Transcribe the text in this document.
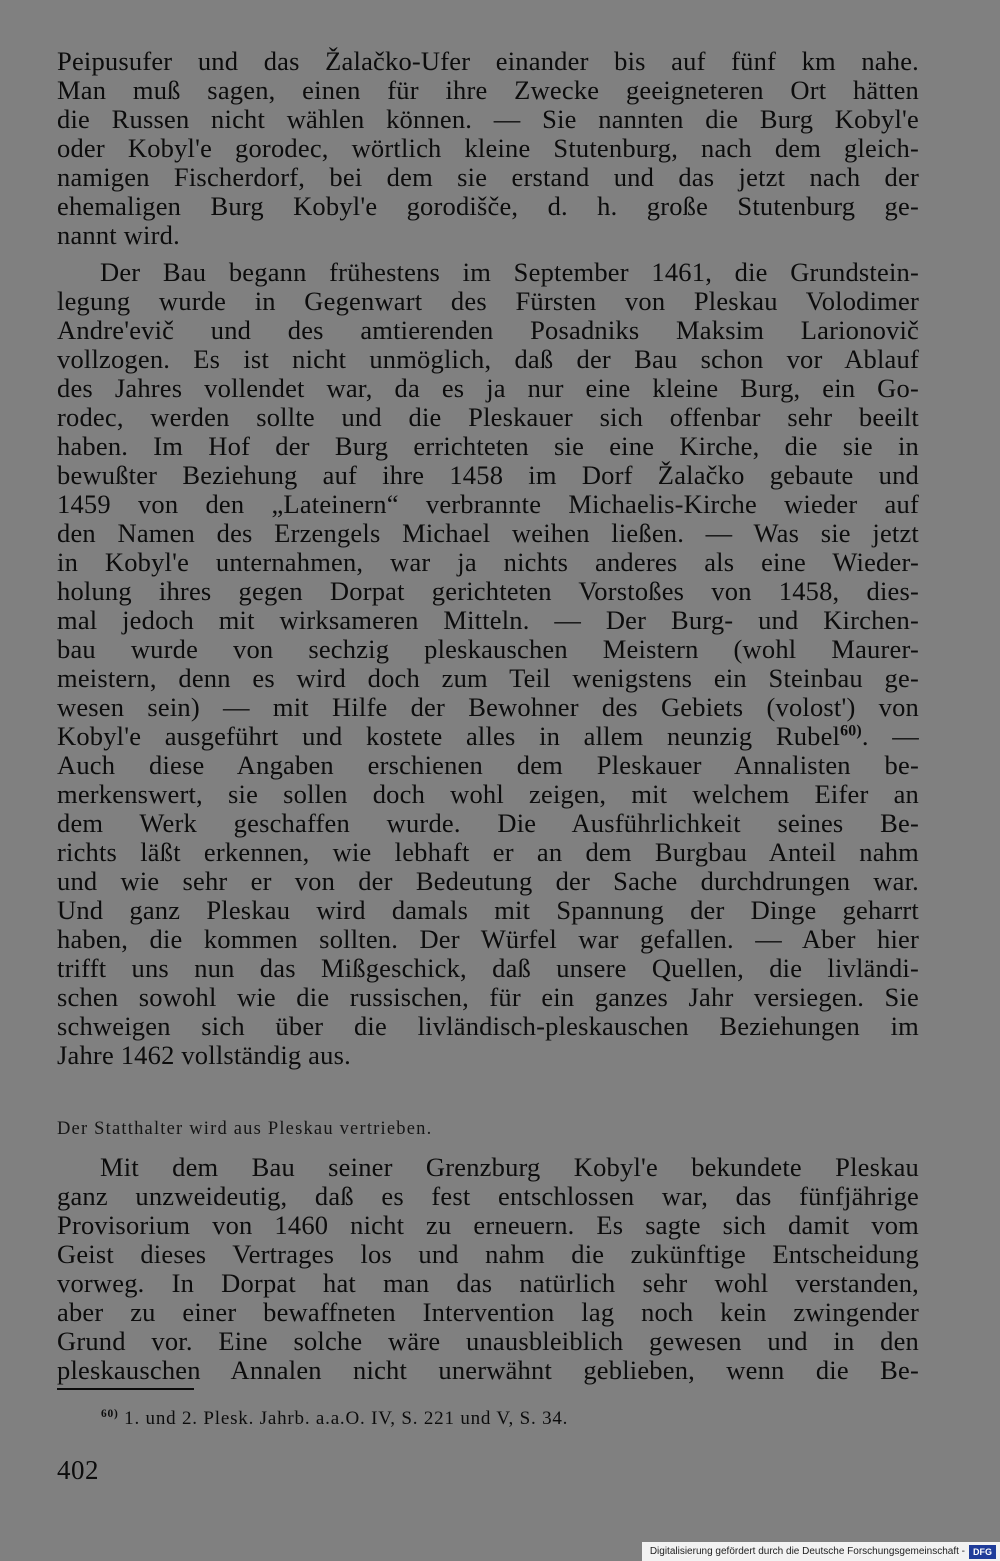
Peipusufer und das Žalačko-Ufer einander bis auf fünf km nahe.
Man muß sagen, einen für ihre Zwecke geeigneteren Ort hätten
die Russen nicht wählen können. — Sie nannten die Burg Kobyl'e
oder Kobyl'e gorodec, wörtlich kleine Stutenburg, nach dem gleich-
namigen Fischerdorf, bei dem sie erstand und das jetzt nach der
ehemaligen Burg Kobyl'e gorodišče, d. h. große Stutenburg ge-
nannt wird.
Der Bau begann frühestens im September 1461, die Grundstein-
legung wurde in Gegenwart des Fürsten von Pleskau Volodimer
Andre'evič und des amtierenden Posadniks Maksim Larionovič
vollzogen. Es ist nicht unmöglich, daß der Bau schon vor Ablauf
des Jahres vollendet war, da es ja nur eine kleine Burg, ein Go-
rodec, werden sollte und die Pleskauer sich offenbar sehr beeilt
haben. Im Hof der Burg errichteten sie eine Kirche, die sie in
bewußter Beziehung auf ihre 1458 im Dorf Žalačko gebaute und
1459 von den „Lateinern“ verbrannte Michaelis-Kirche wieder auf
den Namen des Erzengels Michael weihen ließen. — Was sie jetzt
in Kobyl'e unternahmen, war ja nichts anderes als eine Wieder-
holung ihres gegen Dorpat gerichteten Vorstoßes von 1458, dies-
mal jedoch mit wirksameren Mitteln. — Der Burg- und Kirchen-
bau wurde von sechzig pleskauschen Meistern (wohl Maurer-
meistern, denn es wird doch zum Teil wenigstens ein Steinbau ge-
wesen sein) — mit Hilfe der Bewohner des Gebiets (volost') von
Kobyl'e ausgeführt und kostete alles in allem neunzig Rubel$^{60)}$. —
Auch diese Angaben erschienen dem Pleskauer Annalisten be-
merkenswert, sie sollen doch wohl zeigen, mit welchem Eifer an
dem Werk geschaffen wurde. Die Ausführlichkeit seines Be-
richts läßt erkennen, wie lebhaft er an dem Burgbau Anteil nahm
und wie sehr er von der Bedeutung der Sache durchdrungen war.
Und ganz Pleskau wird damals mit Spannung der Dinge geharrt
haben, die kommen sollten. Der Würfel war gefallen. — Aber hier
trifft uns nun das Mißgeschick, daß unsere Quellen, die livländi-
schen sowohl wie die russischen, für ein ganzes Jahr versiegen. Sie
schweigen sich über die livländisch-pleskauschen Beziehungen im
Jahre 1462 vollständig aus.
Der Statthalter wird aus Pleskau vertrieben.
Mit dem Bau seiner Grenzburg Kobyl'e bekundete Pleskau
ganz unzweideutig, daß es fest entschlossen war, das fünfjährige
Provisorium von 1460 nicht zu erneuern. Es sagte sich damit vom
Geist dieses Vertrages los und nahm die zukünftige Entscheidung
vorweg. In Dorpat hat man das natürlich sehr wohl verstanden,
aber zu einer bewaffneten Intervention lag noch kein zwingender
Grund vor. Eine solche wäre unausbleiblich gewesen und in den
pleskauschen Annalen nicht unerwähnt geblieben, wenn die Be-
$^{60)}$ 1. und 2. Plesk. Jahrb. a.a.O. IV, S. 221 und V, S. 34.
402
Digitalisierung gefördert durch die Deutsche Forschungsgemeinschaft - DFG
